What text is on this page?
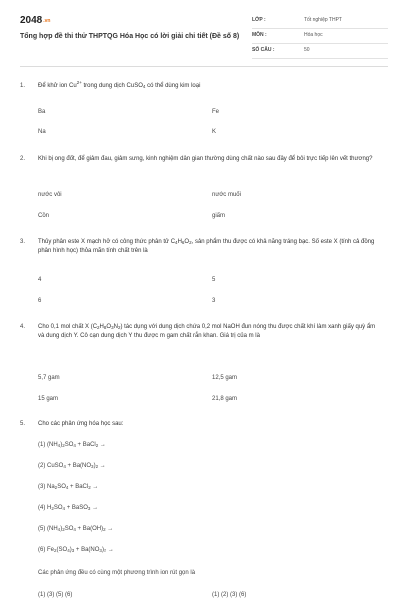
2048.vn
Tổng hợp đề thi thử THPTQG Hóa Học có lời giải chi tiết (Đề số 8)
LỚP :	Tốt nghiệp THPT
MÔN :	Hóa học
SỐ CÂU :	50
1. Để khử ion $Cu^{2+}$ trong dung dịch CuSO$_4$ có thể dùng kim loại
Ba	Fe
Na	K
2. Khi bị ong đốt, để giảm đau, giảm sưng, kinh nghiệm dân gian thường dùng chất nào sau đây để bôi trực tiếp lên vết thương?
nước vôi	nước muối
Cồn	giấm
3. Thủy phân este X mạch hở có công thức phân tử $C_4H_6O_2$, sản phẩm thu được có khả năng tráng bạc. Số este X (tính cả đồng phân hình học) thỏa mãn tính chất trên là
4	5
6	3
4. Cho 0,1 mol chất X $(C_2H_8O_3N_2)$ tác dụng với dung dịch chứa 0,2 mol NaOH đun nóng thu được chất khí làm xanh giấy quỳ ẩm và dung dịch Y. Cô cạn dung dịch Y thu được m gam chất rắn khan. Giá trị của m là
5,7 gam	12,5 gam
15 gam	21,8 gam
5. Cho các phản ứng hóa học sau:
(1) $(NH_4)_2SO_4$ + BaCl$_2$ →
(2) CuSO$_4$ + $Ba(NO_3)_2$ →
(3) $Na_2SO_4$ + BaCl$_2$ →
(4) $H_2SO_4$ + BaSO$_3$ →
(5) $(NH_4)_2SO_4 + Ba(OH)_2$ →
(6) $Fe_2(SO_4)_3 + Ba(NO_3)_2$ →
Các phản ứng đều có cùng một phương trình ion rút gọn là
(1) (3) (5) (6)	(1) (2) (3) (6)
